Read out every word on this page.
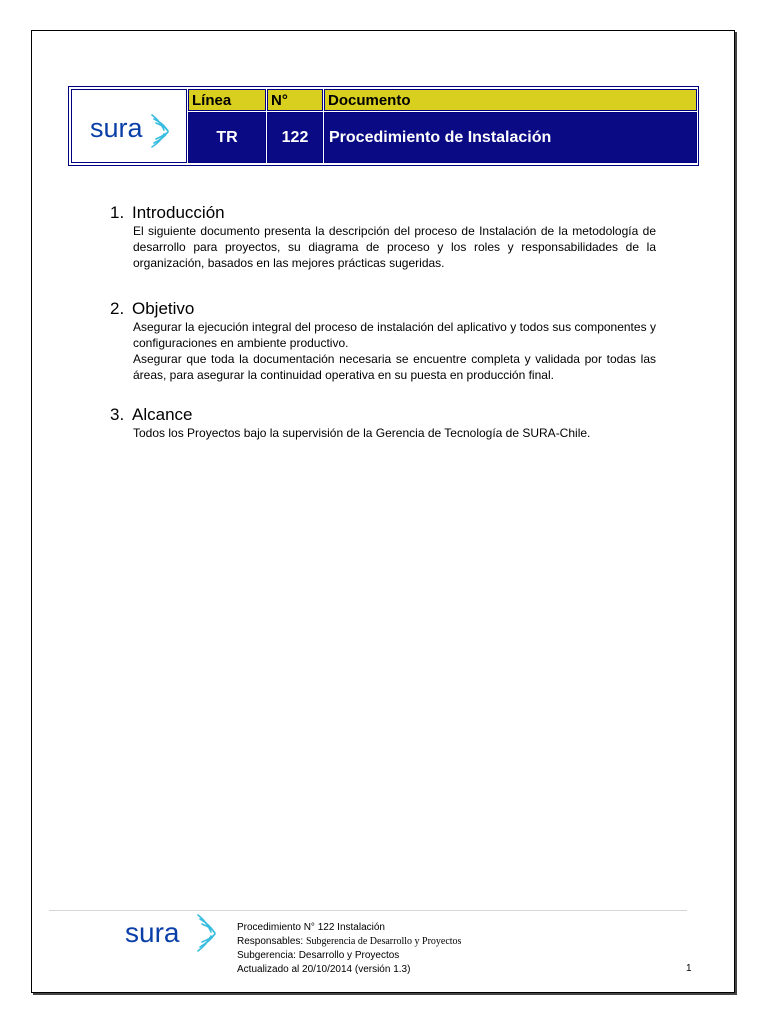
sura
Línea	N°	Documento
TR	122	Procedimiento de Instalación
1. Introducción

El siguiente documento presenta la descripción del proceso de Instalación de la metodología de desarrollo para proyectos, su diagrama de proceso y los roles y responsabilidades de la organización, basados en las mejores prácticas sugeridas.

2. Objetivo

Asegurar la ejecución integral del proceso de instalación del aplicativo y todos sus componentes y configuraciones en ambiente productivo.

Asegurar que toda la documentación necesaria se encuentre completa y validada por todas las áreas, para asegurar la continuidad operativa en su puesta en producción final.

3. Alcance

Todos los Proyectos bajo la supervisión de la Gerencia de Tecnología de SURA-Chile.

sura	Procedimiento N° 122 Instalación
Responsables: Subgerencia de Desarrollo y Proyectos
Subgerencia: Desarrollo y Proyectos
Actualizado al 20/10/2014 (versión 1.3)	1
